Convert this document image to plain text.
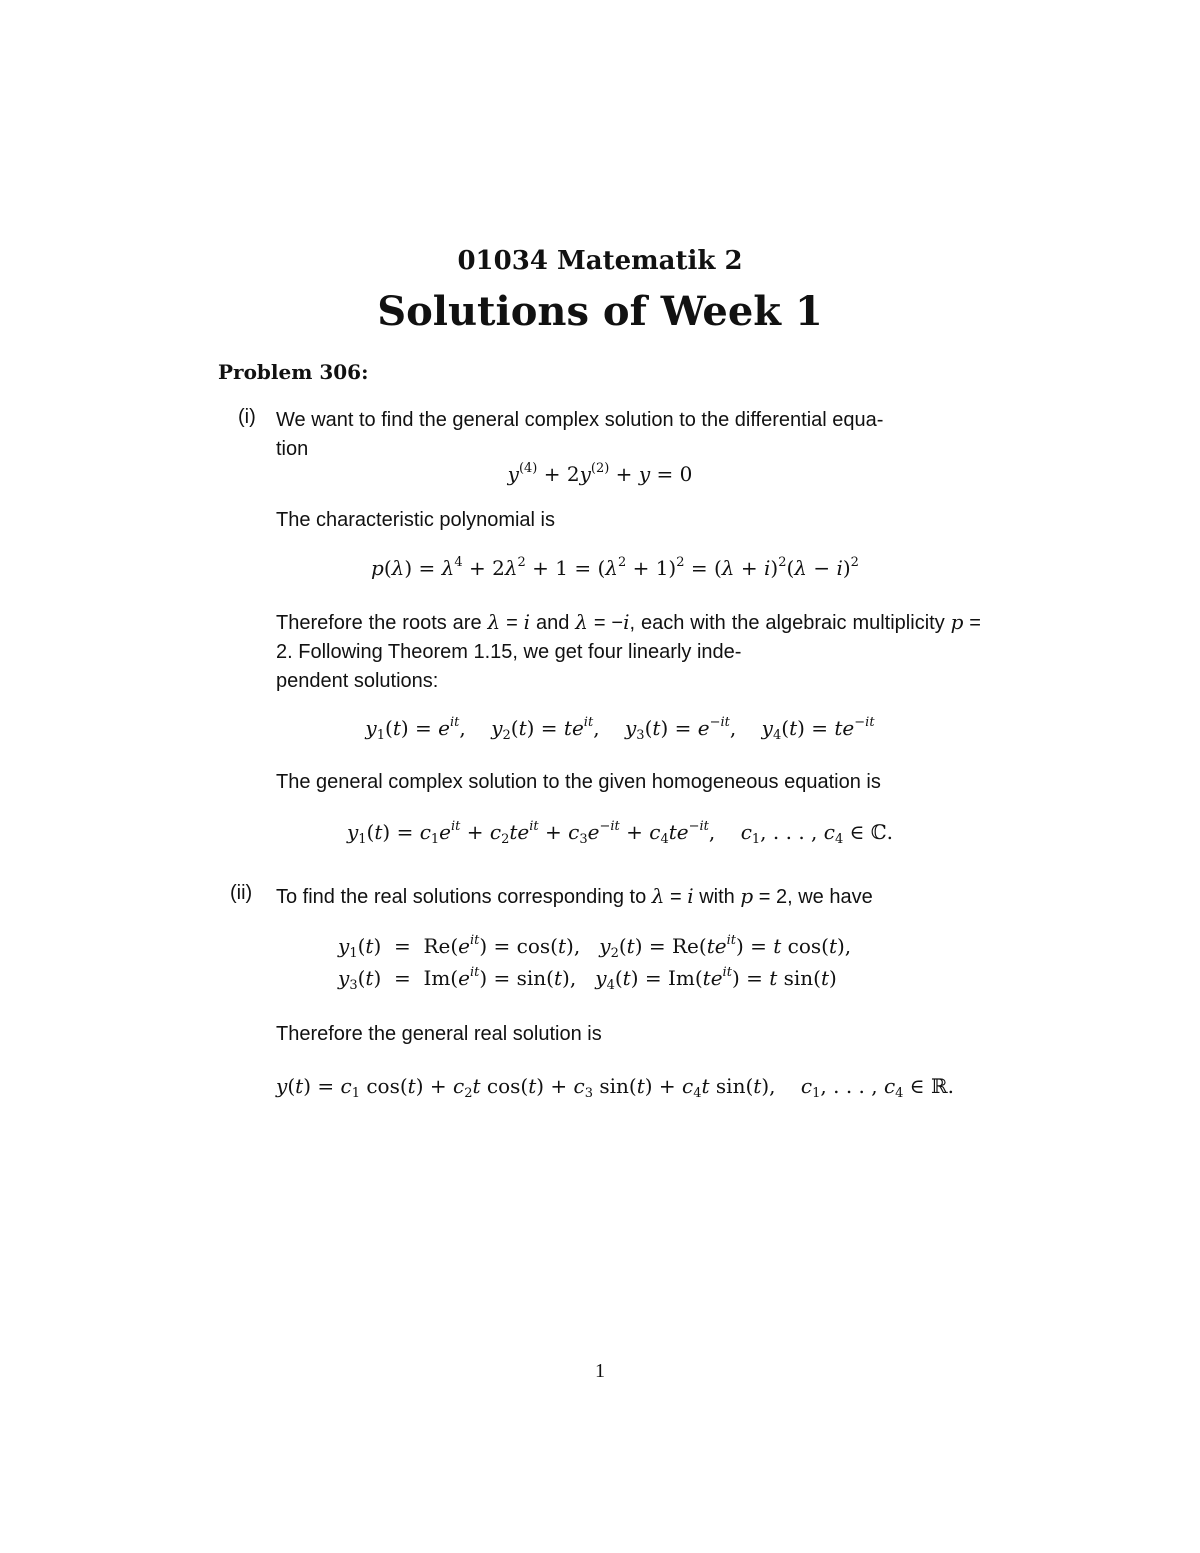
01034 Matematik 2
Solutions of Week 1
Problem 306:
(i) We want to find the general complex solution to the differential equa-
tion
$y^{(4)} + 2y^{(2)} + y = 0$
The characteristic polynomial is
$p(\lambda) = \lambda^4 + 2\lambda^2 + 1 = (\lambda^2 + 1)^2 = (\lambda + i)^2(\lambda - i)^2$
Therefore the roots are λ = i and λ = −i, each with the algebraic multiplicity p = 2. Following Theorem 1.15, we get four linearly inde-
pendent solutions:
$y_1(t) = e^{it}$,    $y_2(t) = te^{it}$,    $y_3(t) = e^{-it}$,    $y_4(t) = te^{-it}$
The general complex solution to the given homogeneous equation is
$y_1(t) = c_1e^{it} + c_2te^{it} + c_3e^{-it} + c_4te^{-it}$,    $c_1$, . . . , $c_4$ ∈ ℂ.
(ii) To find the real solutions corresponding to λ = i with p = 2, we have
$y_1(t) = Re(e^{it}) = \cos(t)$,   $y_2(t) = Re(te^{it}) = t$ cos(t),
$y_3(t) = Im(e^{it}) = \sin(t)$,   $y_4(t) = Im(te^{it}) = t$ sin(t)
Therefore the general real solution is
$y(t) = c_1$ $\cos(t) + c_2t$ $\cos(t) + c_3$ $\sin(t) + c_4t$ sin(t),    $c_1$, . . . , $c_4$ ∈ ℝ.
1
